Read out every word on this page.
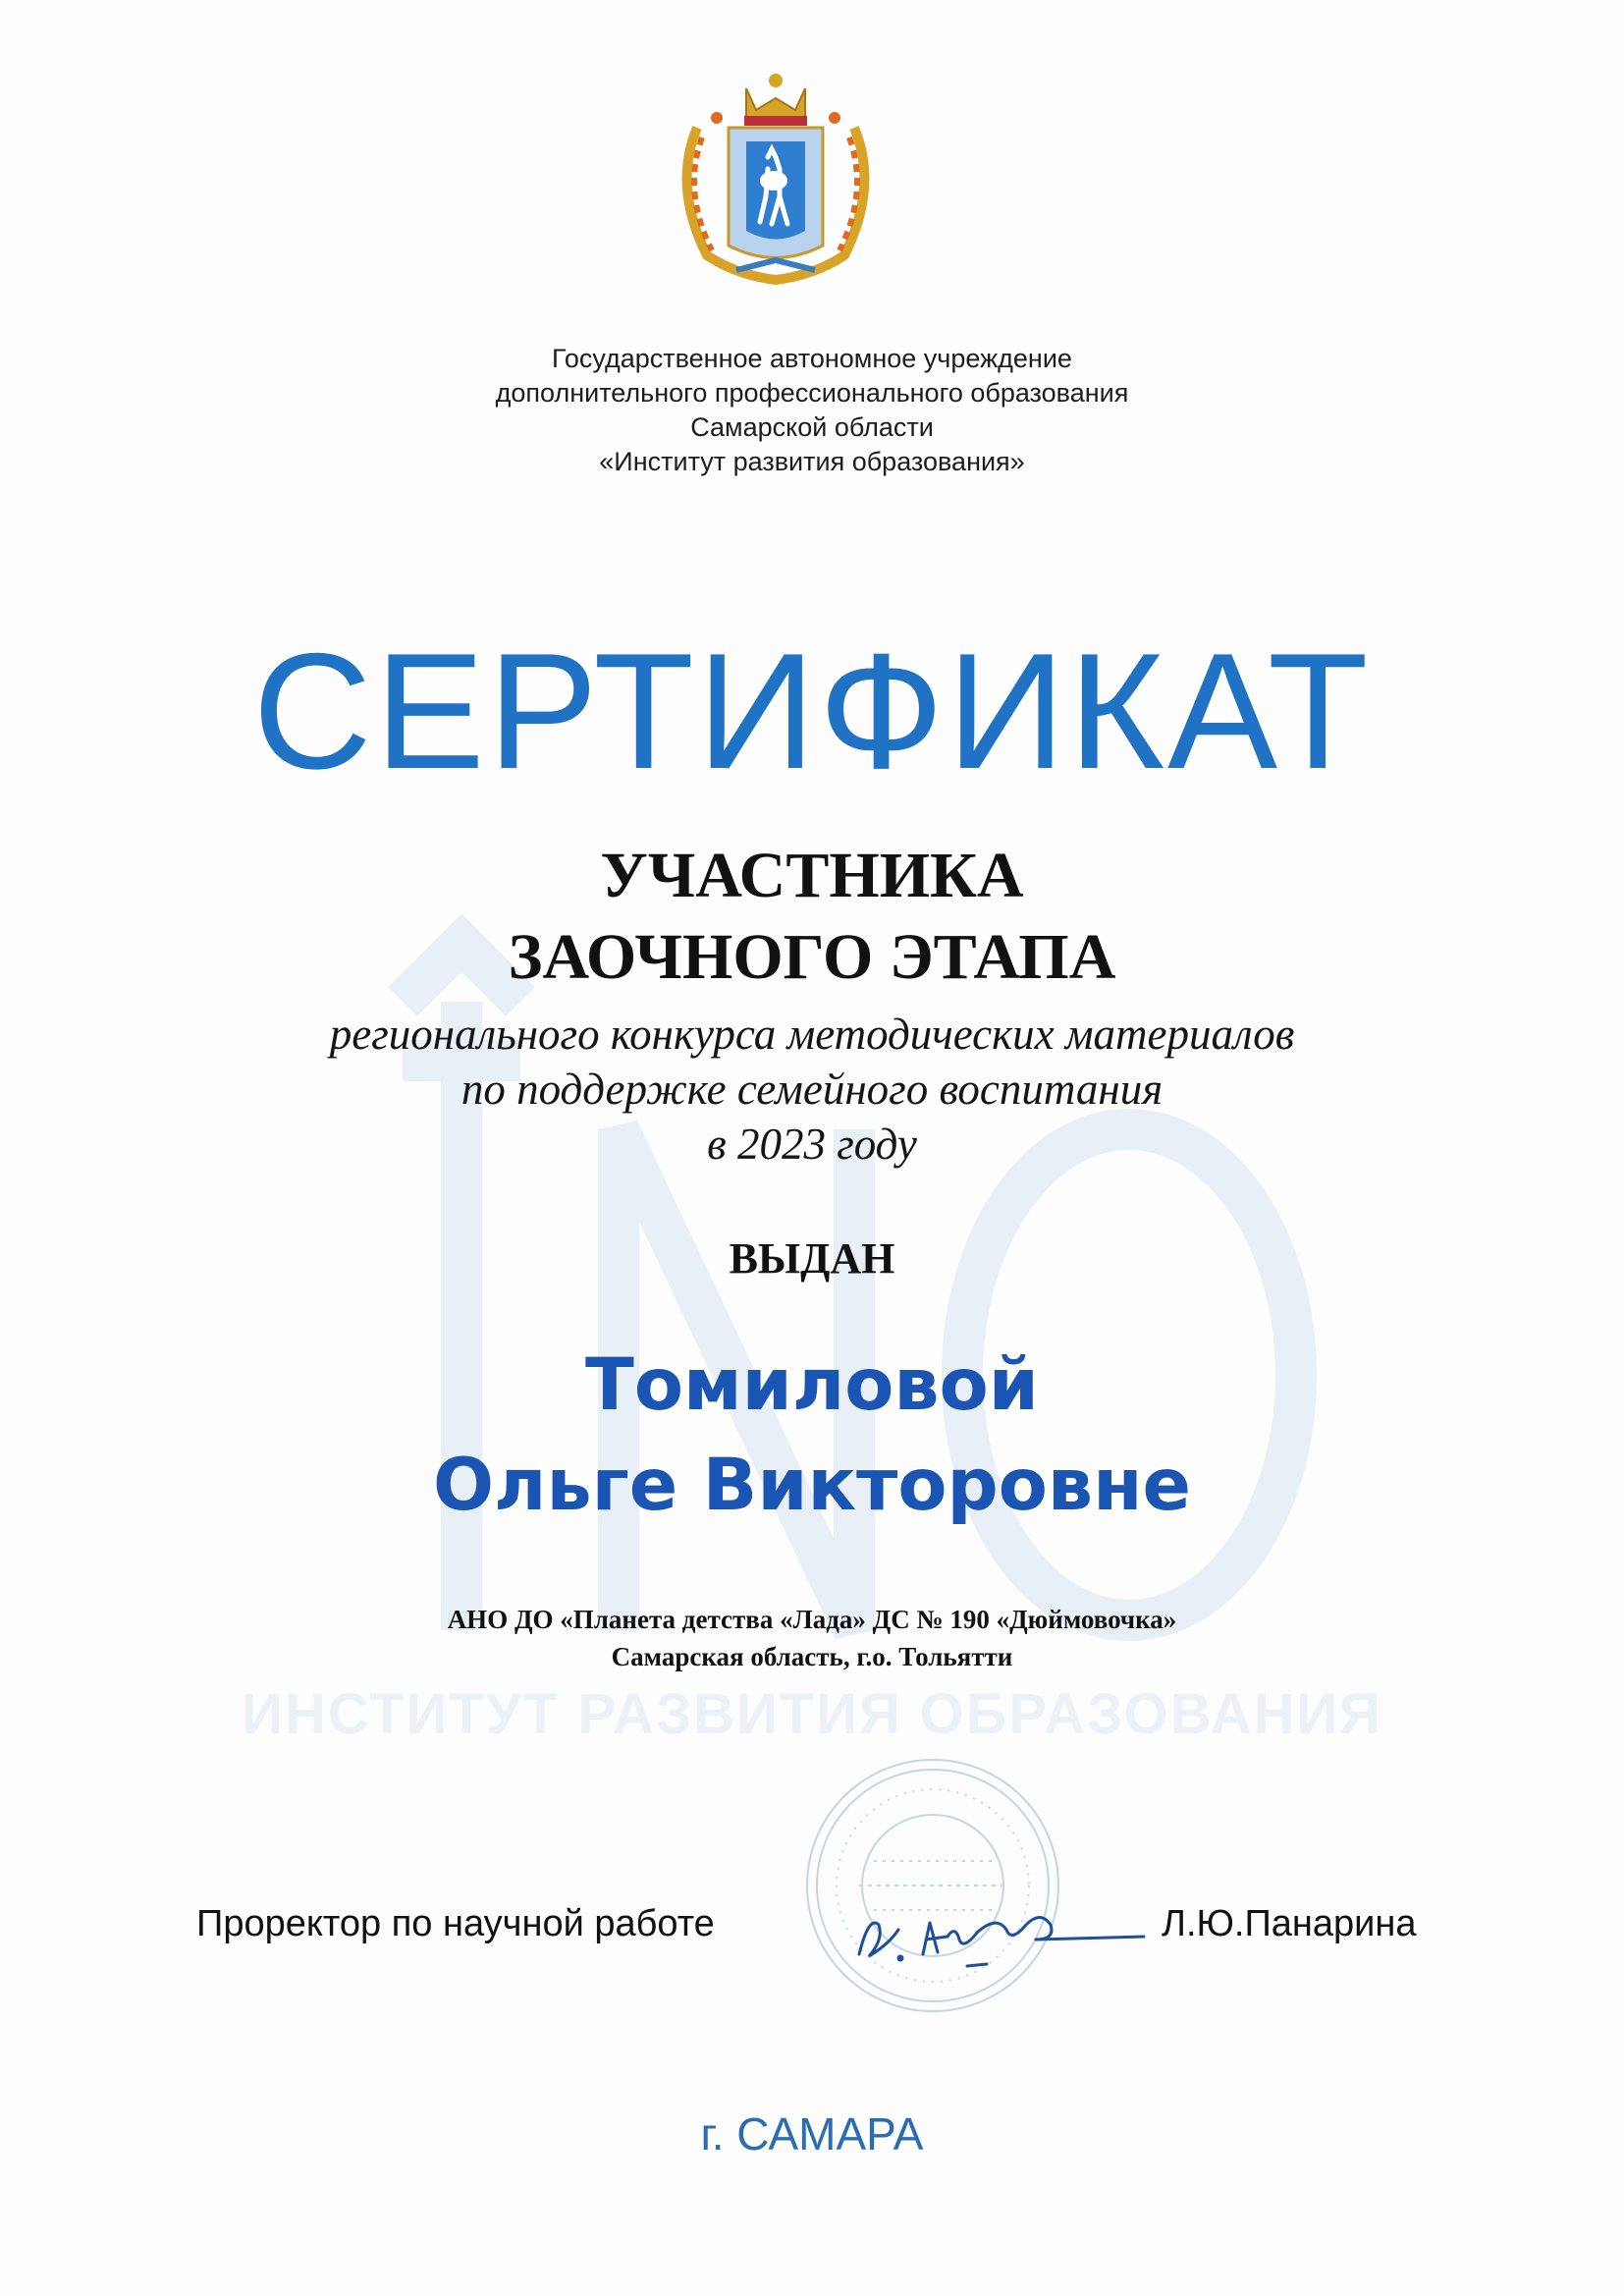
ИНСТИТУТ РАЗВИТИЯ ОБРАЗОВАНИЯ
Государственное автономное учреждение
дополнительного профессионального образования
Самарской области
«Институт развития образования»
СЕРТИФИКАТ
УЧАСТНИКА
ЗАОЧНОГО ЭТАПА
регионального конкурса методических материалов
по поддержке семейного воспитания
в 2023 году
ВЫДАН
Томиловой
Ольге Викторовне
АНО ДО «Планета детства «Лада» ДС № 190 «Дюймовочка»
Самарская область, г.о. Тольятти
Проректор по научной работе	Л.Ю.Панарина
г. САМАРА
